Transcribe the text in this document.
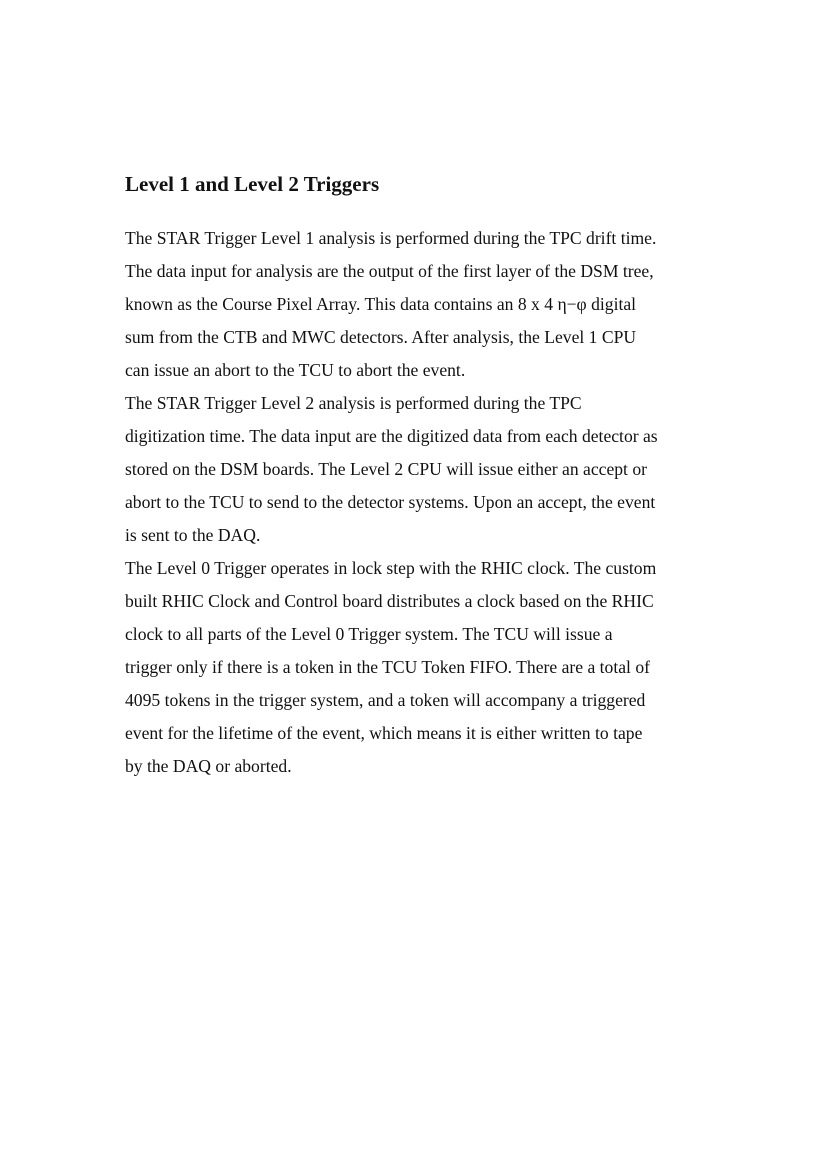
Level 1 and Level 2 Triggers
The STAR Trigger Level 1 analysis is performed during the TPC drift time.
The data input for analysis are the output of the first layer of the DSM tree,
known as the Course Pixel Array. This data contains an 8 x 4 η−φ digital
sum from the CTB and MWC detectors. After analysis, the Level 1 CPU
can issue an abort to the TCU to abort the event.
The STAR Trigger Level 2 analysis is performed during the TPC
digitization time. The data input are the digitized data from each detector as
stored on the DSM boards. The Level 2 CPU will issue either an accept or
abort to the TCU to send to the detector systems. Upon an accept, the event
is sent to the DAQ.
The Level 0 Trigger operates in lock step with the RHIC clock. The custom
built RHIC Clock and Control board distributes a clock based on the RHIC
clock to all parts of the Level 0 Trigger system. The TCU will issue a
trigger only if there is a token in the TCU Token FIFO. There are a total of
4095 tokens in the trigger system, and a token will accompany a triggered
event for the lifetime of the event, which means it is either written to tape
by the DAQ or aborted.
